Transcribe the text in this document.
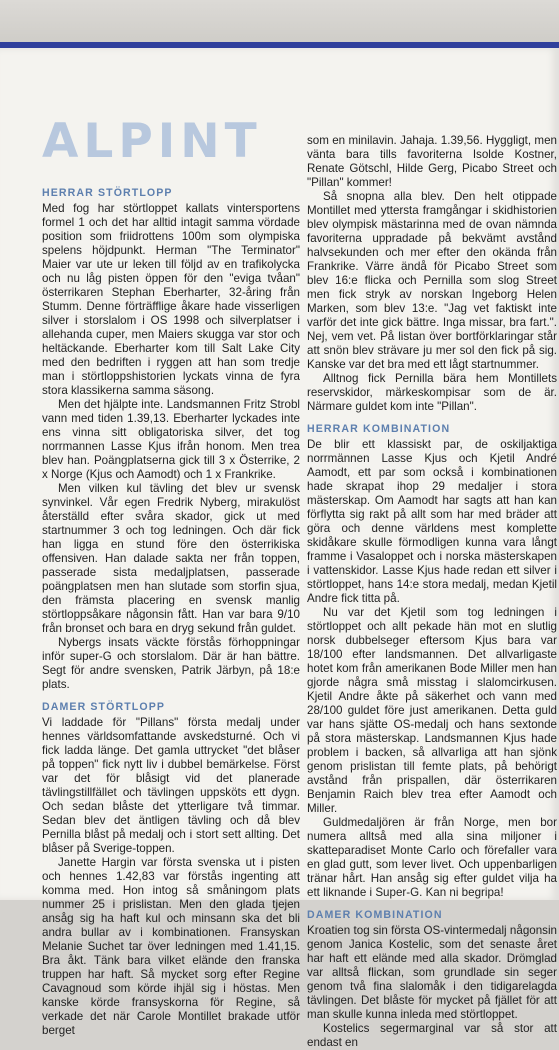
ALPINT
HERRAR STÖRTLOPP

Med fog har störtloppet kallats vintersportens formel 1 och det har alltid intagit samma vördade position som friidrottens 100m som olympiska spelens höjdpunkt. Herman "The Terminator" Maier var ute ur leken till följd av en trafikolycka och nu låg pisten öppen för den "eviga tvåan" österrikaren Stephan Eberharter, 32-åring från Stumm. Denne förträfflige åkare hade visserligen silver i storslalom i OS 1998 och silverplatser i allehanda cuper, men Maiers skugga var stor och heltäckande. Eberharter kom till Salt Lake City med den bedriften i ryggen att han som tredje man i störtloppshistorien lyckats vinna de fyra stora klassikerna samma säsong.

Men det hjälpte inte. Landsmannen Fritz Strobl vann med tiden 1.39,13. Eberharter lyckades inte ens vinna sitt obligatoriska silver, det tog norrmannen Lasse Kjus ifrån honom. Men trea blev han. Poängplatserna gick till 3 x Österrike, 2 x Norge (Kjus och Aamodt) och 1 x Frankrike.

Men vilken kul tävling det blev ur svensk synvinkel. Vår egen Fredrik Nyberg, mirakulöst återställd efter svåra skador, gick ut med startnummer 3 och tog ledningen. Och där fick han ligga en stund före den österrikiska offensiven. Han dalade sakta ner från toppen, passerade sista medaljplatsen, passerade poängplatsen men han slutade som storfin sjua, den främsta placering en svensk manlig störtloppsåkare någonsin fått. Han var bara 9/10 från bronset och bara en dryg sekund från guldet.

Nybergs insats väckte förstås förhoppningar inför super-G och storslalom. Där är han bättre. Segt för andre svensken, Patrik Järbyn, på 18:e plats.

DAMER STÖRTLOPP

Vi laddade för "Pillans" första medalj under hennes världsomfattande avskedsturné. Och vi fick ladda länge. Det gamla uttrycket "det blåser på toppen" fick nytt liv i dubbel bemärkelse. Först var det för blåsigt vid det planerade tävlingstillfället och tävlingen uppsköts ett dygn. Och sedan blåste det ytterligare två timmar. Sedan blev det äntligen tävling och då blev Pernilla blåst på medalj och i stort sett allting. Det blåser på Sverige-toppen.

Janette Hargin var första svenska ut i pisten och hennes 1.42,83 var förstås ingenting att komma med. Hon intog så småningom plats nummer 25 i prislistan. Men den glada tjejen ansåg sig ha haft kul och minsann ska det bli andra bullar av i kombinationen. Fransyskan Melanie Suchet tar över ledningen med 1.41,15. Bra åkt. Tänk bara vilket elände den franska truppen har haft. Så mycket sorg efter Regine Cavagnoud som körde ihjäl sig i höstas. Men kanske körde fransyskorna för Regine, så verkade det när Carole Montillet brakade utför berget

som en minilavin. Jahaja. 1.39,56. Hyggligt, men vänta bara tills favoriterna Isolde Kostner, Renate Götschl, Hilde Gerg, Picabo Street och "Pillan" kommer!

Så snopna alla blev. Den helt otippade Montillet med yttersta framgångar i skidhistorien blev olympisk mästarinna med de ovan nämnda favoriterna uppradade på bekvämt avstånd halvsekunden och mer efter den okända från Frankrike. Värre ändå för Picabo Street som blev 16:e flicka och Pernilla som slog Street men fick stryk av norskan Ingeborg Helen Marken, som blev 13:e. "Jag vet faktiskt inte varför det inte gick bättre. Inga missar, bra fart.". Nej, vem vet. På listan över bortförklaringar står att snön blev strävare ju mer sol den fick på sig. Kanske var det bra med ett lågt startnummer.

Alltnog fick Pernilla bära hem Montillets reservskidor, märkeskompisar som de är. Närmare guldet kom inte "Pillan".

HERRAR KOMBINATION

De blir ett klassiskt par, de oskiljaktiga norrmännen Lasse Kjus och Kjetil André Aamodt, ett par som också i kombinationen hade skrapat ihop 29 medaljer i stora mästerskap. Om Aamodt har sagts att han kan förflytta sig rakt på allt som har med bräder att göra och denne världens mest komplette skidåkare skulle förmodligen kunna vara långt framme i Vasaloppet och i norska mästerskapen i vattenskidor. Lasse Kjus hade redan ett silver i störtloppet, hans 14:e stora medalj, medan Kjetil Andre fick titta på.

Nu var det Kjetil som tog ledningen i störtloppet och allt pekade hän mot en slutlig norsk dubbelseger eftersom Kjus bara var 18/100 efter landsmannen. Det allvarligaste hotet kom från amerikanen Bode Miller men han gjorde några små misstag i slalomcirkusen. Kjetil Andre åkte på säkerhet och vann med 28/100 guldet före just amerikanen. Detta guld var hans sjätte OS-medalj och hans sextonde på stora mästerskap. Landsmannen Kjus hade problem i backen, så allvarliga att han sjönk genom prislistan till femte plats, på behörigt avstånd från prispallen, där österrikaren Benjamin Raich blev trea efter Aamodt och Miller.

Guldmedaljören är från Norge, men bor numera alltså med alla sina miljoner i skatteparadiset Monte Carlo och förefaller vara en glad gutt, som lever livet. Och uppenbarligen tränar hårt. Han ansåg sig efter guldet vilja ha ett liknande i Super-G. Kan ni begripa!

DAMER KOMBINATION

Kroatien tog sin första OS-vintermedalj någonsin genom Janica Kostelic, som det senaste året har haft ett elände med alla skador. Drömglad var alltså flickan, som grundlade sin seger genom två fina slalomåk i den tidigarelagda tävlingen. Det blåste för mycket på fjället för att man skulle kunna inleda med störtloppet.

Kostelics segermarginal var så stor att endast en
